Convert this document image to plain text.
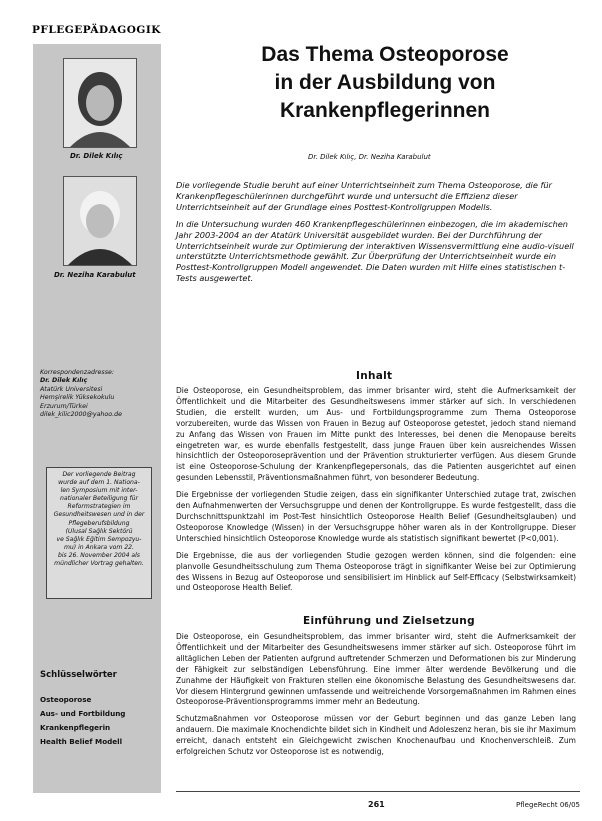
PFLEGEPÄDAGOGIK
Dr. Dilek Kılıç
Dr. Neziha Karabulut
Korrespondenzadresse:
Dr. Dilek Kılıç
Atatürk Universitesi
Hemşirelik Yüksekokulu
Erzurum/Türkei
dilek_kilic2000@yahoo.de
Der vorliegende Beitrag
wurde auf dem 1. Nationa-
len Symposium mit inter-
nationaler Beteiligung für
Reformstrategien im
Gesundheitswesen und in der
Pflegeberufsbildung
(Ulusal Sağlık Sektörü
ve Sağlık Eğitim Sempozyu-
mu) in Ankara vom 22.
bis 26. November 2004 als
mündlicher Vortrag gehalten.
Schlüsselwörter
Osteoporose
Aus- und Fortbildung
Krankenpflegerin
Health Belief Modell
Das Thema Osteoporose
in der Ausbildung von
Krankenpflegerinnen
Dr. Dilek Kılıç, Dr. Neziha Karabulut

Die vorliegende Studie beruht auf einer Unterrichtseinheit zum Thema Osteoporose, die für Krankenpflegeschülerinnen durchgeführt wurde und untersucht die Effizienz dieser Unterrichtseinheit auf der Grundlage eines Posttest-Kontrollgruppen Modells.

In die Untersuchung wurden 460 Krankenpflegeschülerinnen einbezogen, die im akademischen Jahr 2003-2004 an der Atatürk Universität ausgebildet wurden. Bei der Durchführung der Unterrichtseinheit wurde zur Optimierung der interaktiven Wissensvermittlung eine audio-visuell unterstützte Unterrichtsmethode gewählt. Zur Überprüfung der Unterrichtseinheit wurde ein Posttest-Kontrollgruppen Modell angewendet. Die Daten wurden mit Hilfe eines statistischen t-Tests ausgewertet.

Inhalt

Die Osteoporose, ein Gesundheitsproblem, das immer brisanter wird, steht die Aufmerksamkeit der Öffentlichkeit und die Mitarbeiter des Gesundheitswesens immer stärker auf sich. In verschiedenen Studien, die erstellt wurden, um Aus- und Fortbildungsprogramme zum Thema Osteoporose vorzubereiten, wurde das Wissen von Frauen in Bezug auf Osteoporose getestet, jedoch stand niemand zu Anfang das Wissen von Frauen im Mitte punkt des Interesses, bei denen die Menopause bereits eingetreten war, es wurde ebenfalls festgestellt, dass junge Frauen über kein ausreichendes Wissen hinsichtlich der Osteoporoseprävention und der Prävention strukturierter verfügen. Aus diesem Grunde ist eine Osteoporose-Schulung der Krankenpflegepersonals, das die Patienten ausgerichtet auf einen gesunden Lebensstil, Präventionsmaßnahmen führt, von besonderer Bedeutung.

Die Ergebnisse der vorliegenden Studie zeigen, dass ein signifikanter Unterschied zutage trat, zwischen den Aufnahmenwerten der Versuchsgruppe und denen der Kontrollgruppe. Es wurde festgestellt, dass die Durchschnittspunktzahl im Post-Test hinsichtlich Osteoporose Health Belief (Gesundheitsglauben) und Osteoporose Knowledge (Wissen) in der Versuchsgruppe höher waren als in der Kontrollgruppe. Dieser Unterschied hinsichtlich Osteoporose Knowledge wurde als statistisch signifikant bewertet (P<0,001).

Die Ergebnisse, die aus der vorliegenden Studie gezogen werden können, sind die folgenden: eine planvolle Gesundheitsschulung zum Thema Osteoporose trägt in signifikanter Weise bei zur Optimierung des Wissens in Bezug auf Osteoporose und sensibilisiert im Hinblick auf Self-Efficacy (Selbstwirksamkeit) und Osteoporose Health Belief.

Einführung und Zielsetzung

Die Osteoporose, ein Gesundheitsproblem, das immer brisanter wird, steht die Aufmerksamkeit der Öffentlichkeit und der Mitarbeiter des Gesundheitswesens immer stärker auf sich. Osteoporose führt im alltäglichen Leben der Patienten aufgrund auftretender Schmerzen und Deformationen bis zur Minderung der Fähigkeit zur selbständigen Lebensführung. Eine immer älter werdende Bevölkerung und die Zunahme der Häufigkeit von Frakturen stellen eine ökonomische Belastung des Gesundheitswesens dar. Vor diesem Hintergrund gewinnen umfassende und weitreichende Vorsorgemaßnahmen im Rahmen eines Osteoporose-Präventionsprogramms immer mehr an Bedeutung.

Schutzmaßnahmen vor Osteoporose müssen vor der Geburt beginnen und das ganze Leben lang andauern. Die maximale Knochendichte bildet sich in Kindheit und Adoleszenz heran, bis sie ihr Maximum erreicht, danach entsteht ein Gleichgewicht zwischen Knochenaufbau und Knochenverschleiß. Zum erfolgreichen Schutz vor Osteoporose ist es notwendig,

261	PflegeRecht 06/05
